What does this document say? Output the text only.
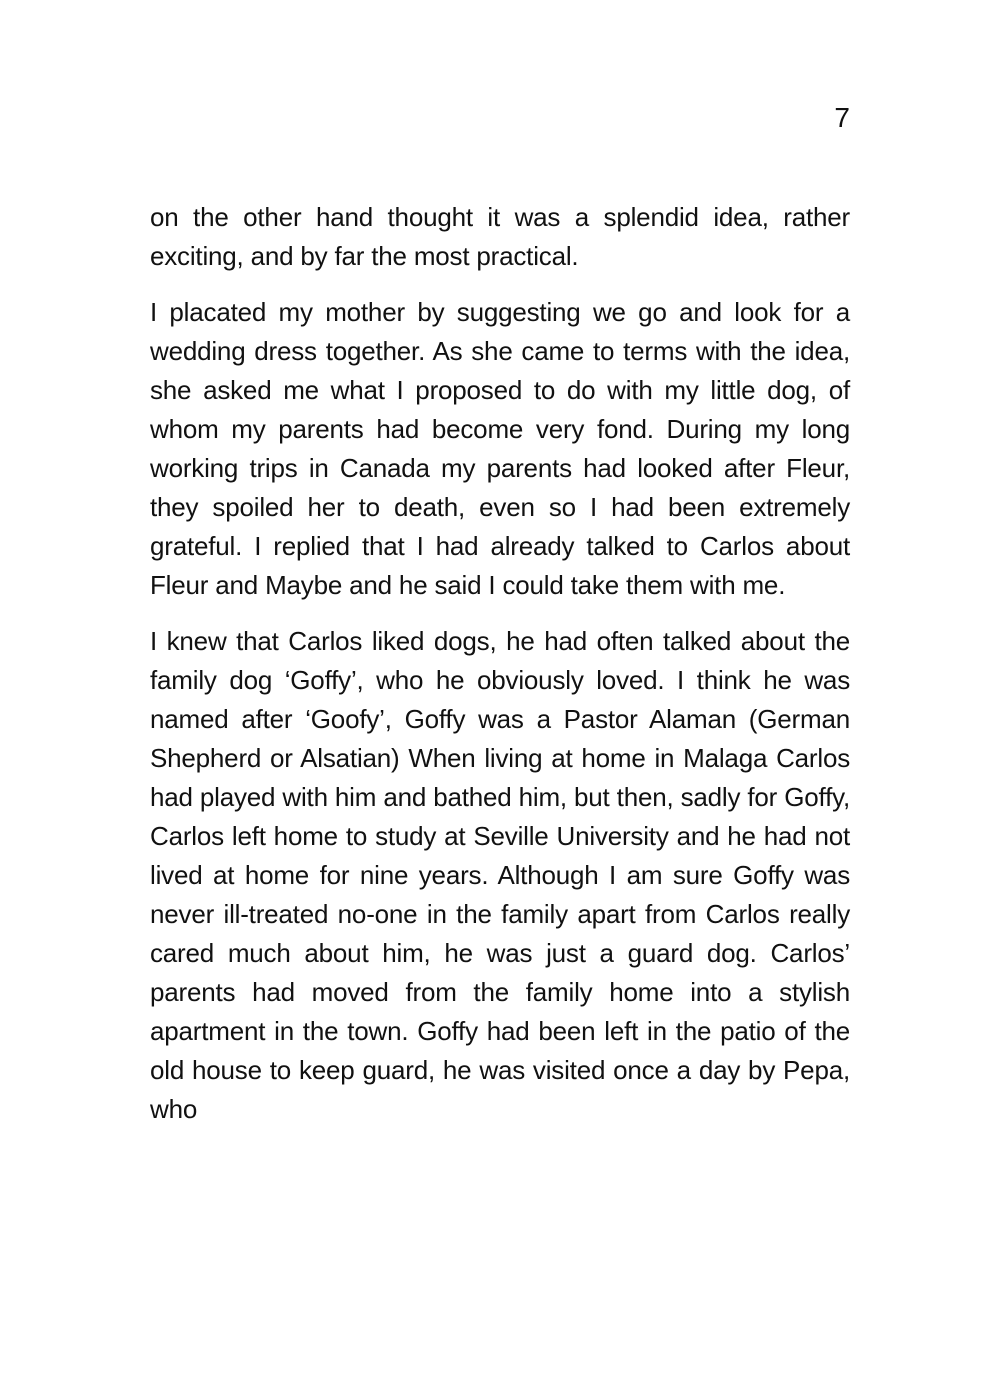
7

on the other hand thought it was a splendid idea, rather exciting, and by far the most practical.

I placated my mother by suggesting we go and look for a wedding dress together. As she came to terms with the idea, she asked me what I proposed to do with my little dog, of whom my parents had become very fond. During my long working trips in Canada my parents had looked after Fleur, they spoiled her to death, even so I had been extremely grateful. I replied that I had already talked to Carlos about Fleur and Maybe and he said I could take them with me.

I knew that Carlos liked dogs, he had often talked about the family dog ‘Goffy’, who he obviously loved. I think he was named after ‘Goofy’, Goffy was a Pastor Alaman (German Shepherd or Alsatian) When living at home in Malaga Carlos had played with him and bathed him, but then, sadly for Goffy, Carlos left home to study at Seville University and he had not lived at home for nine years. Although I am sure Goffy was never ill-treated no-one in the family apart from Carlos really cared much about him, he was just a guard dog. Carlos’ parents had moved from the family home into a stylish apartment in the town. Goffy had been left in the patio of the old house to keep guard, he was visited once a day by Pepa, who
